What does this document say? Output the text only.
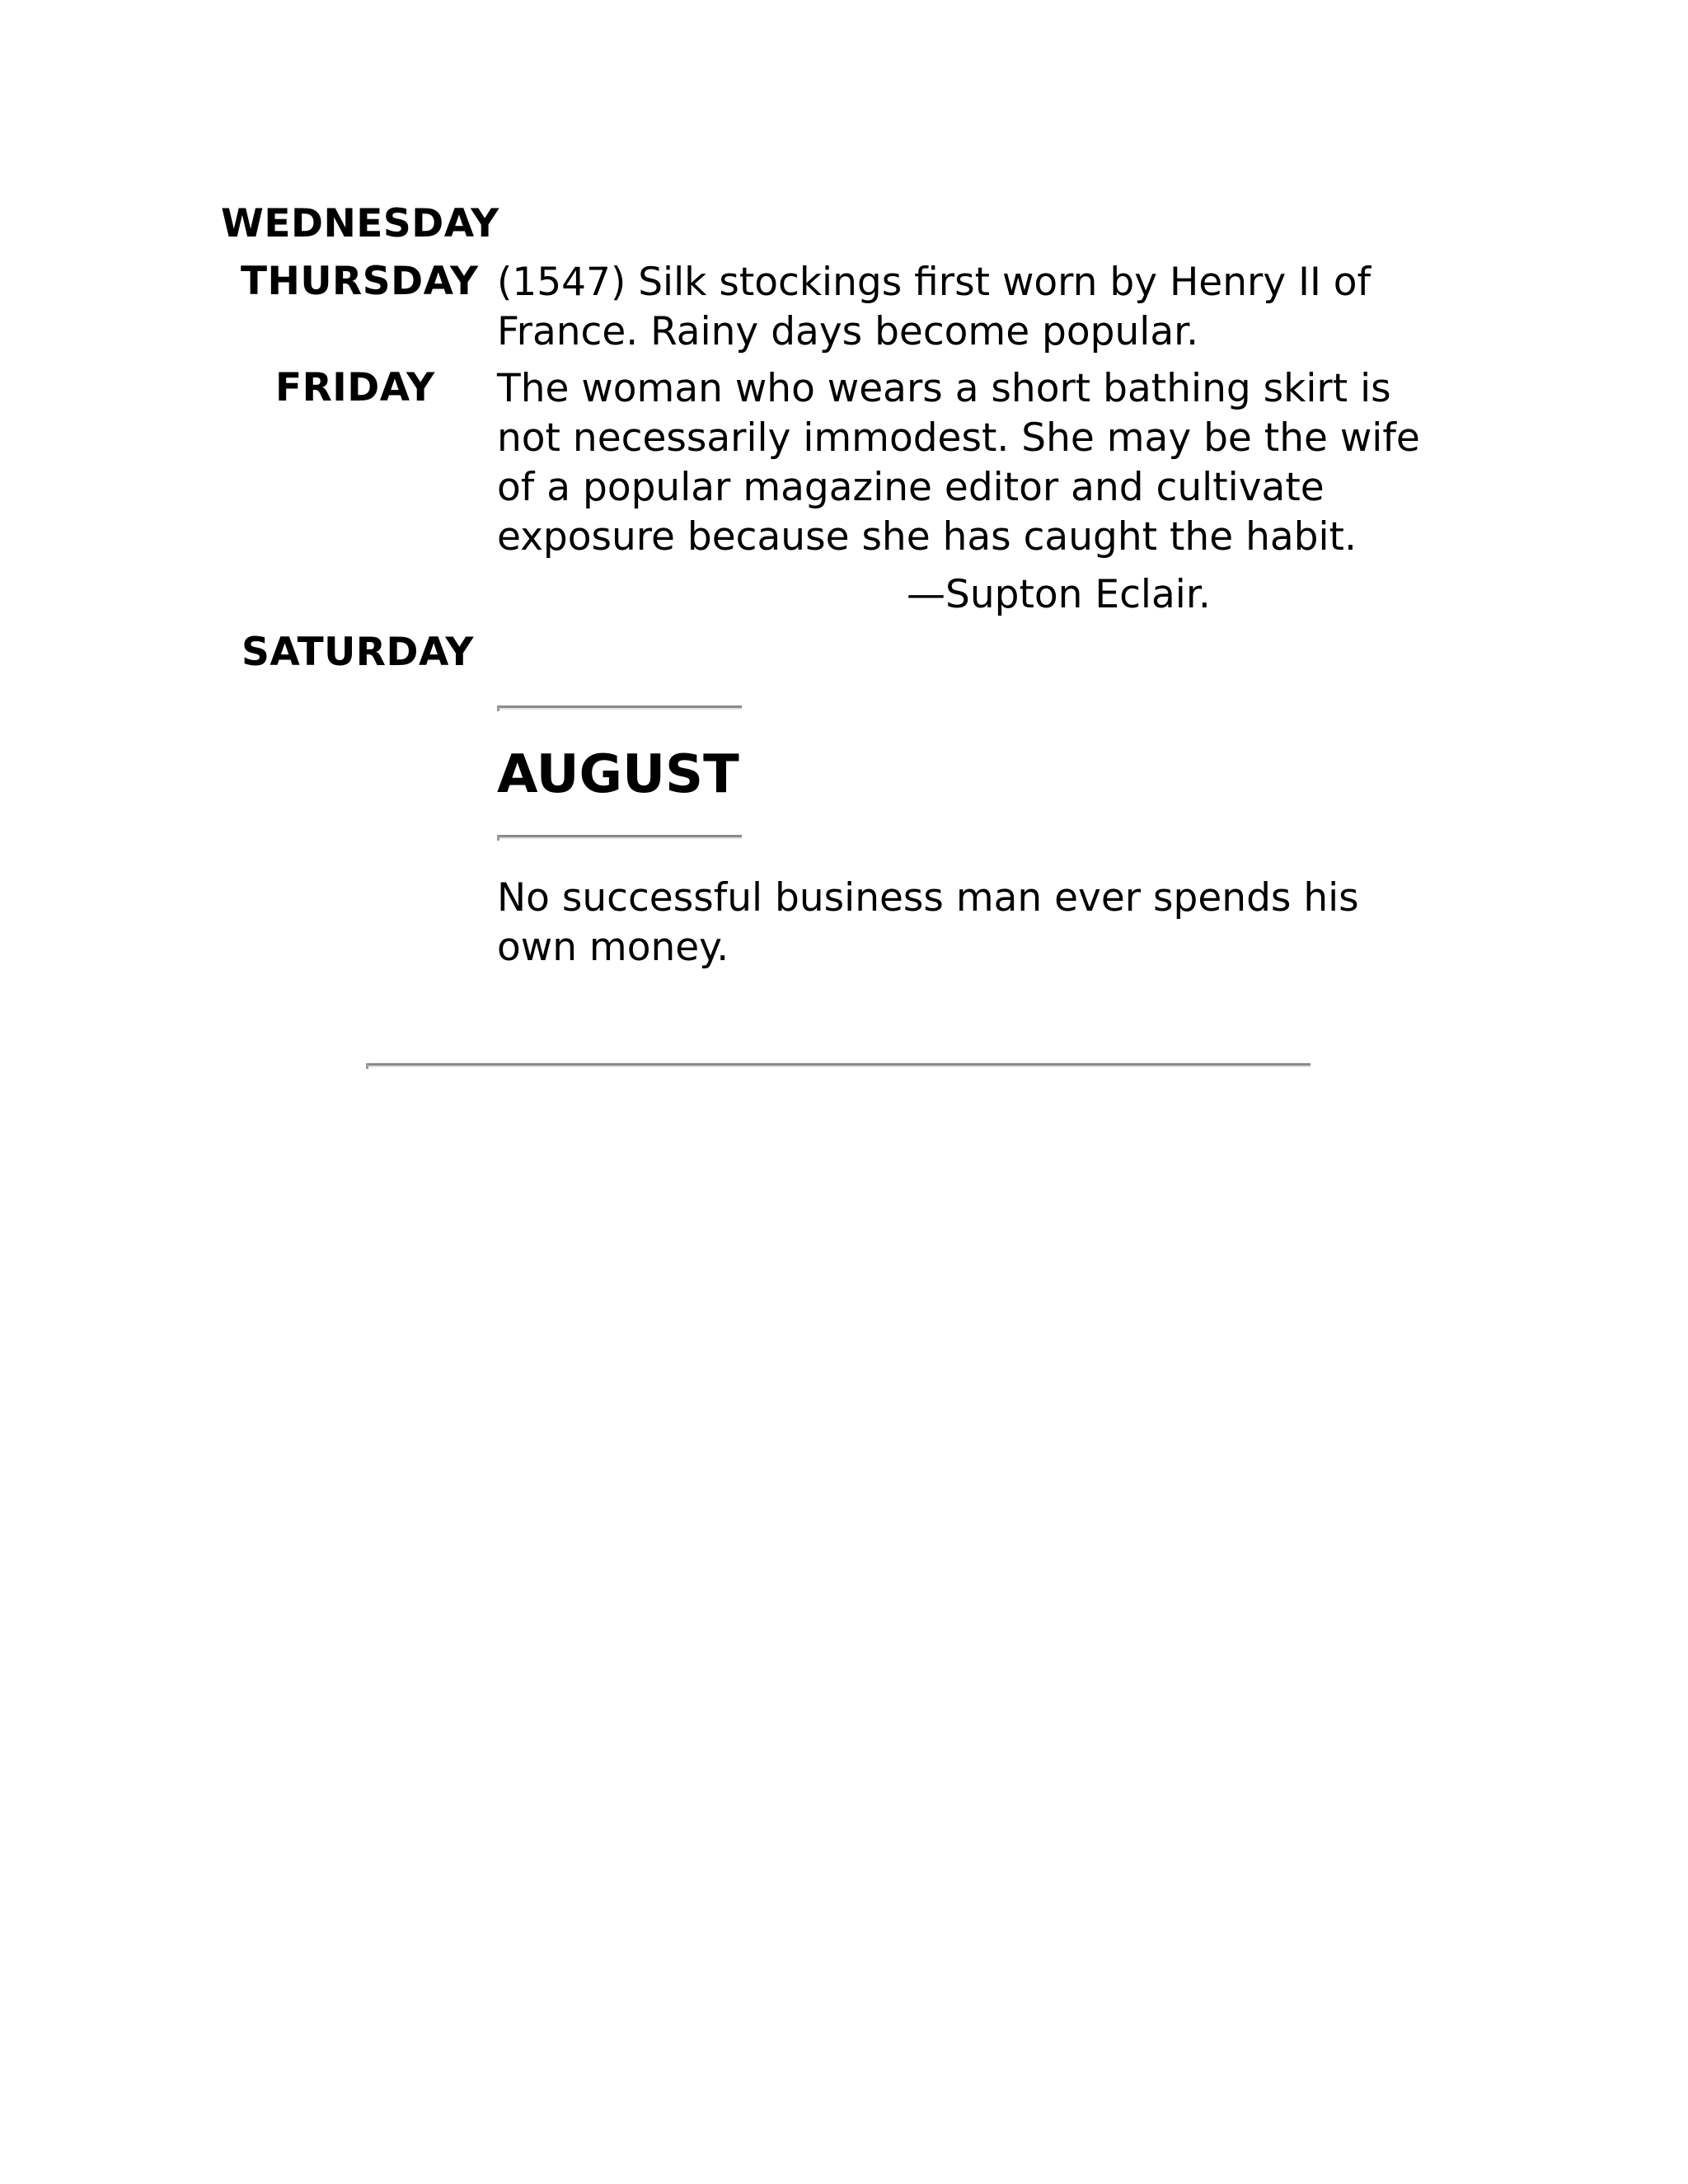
WEDNESDAY
THURSDAY (1547) Silk stockings first worn by Henry II of France. Rainy days become popular.
FRIDAY The woman who wears a short bathing skirt is not necessarily immodest. She may be the wife of a popular magazine editor and cultivate exposure because she has caught the habit.
—Supton Eclair.
SATURDAY
AUGUST
No successful business man ever spends his own money.
